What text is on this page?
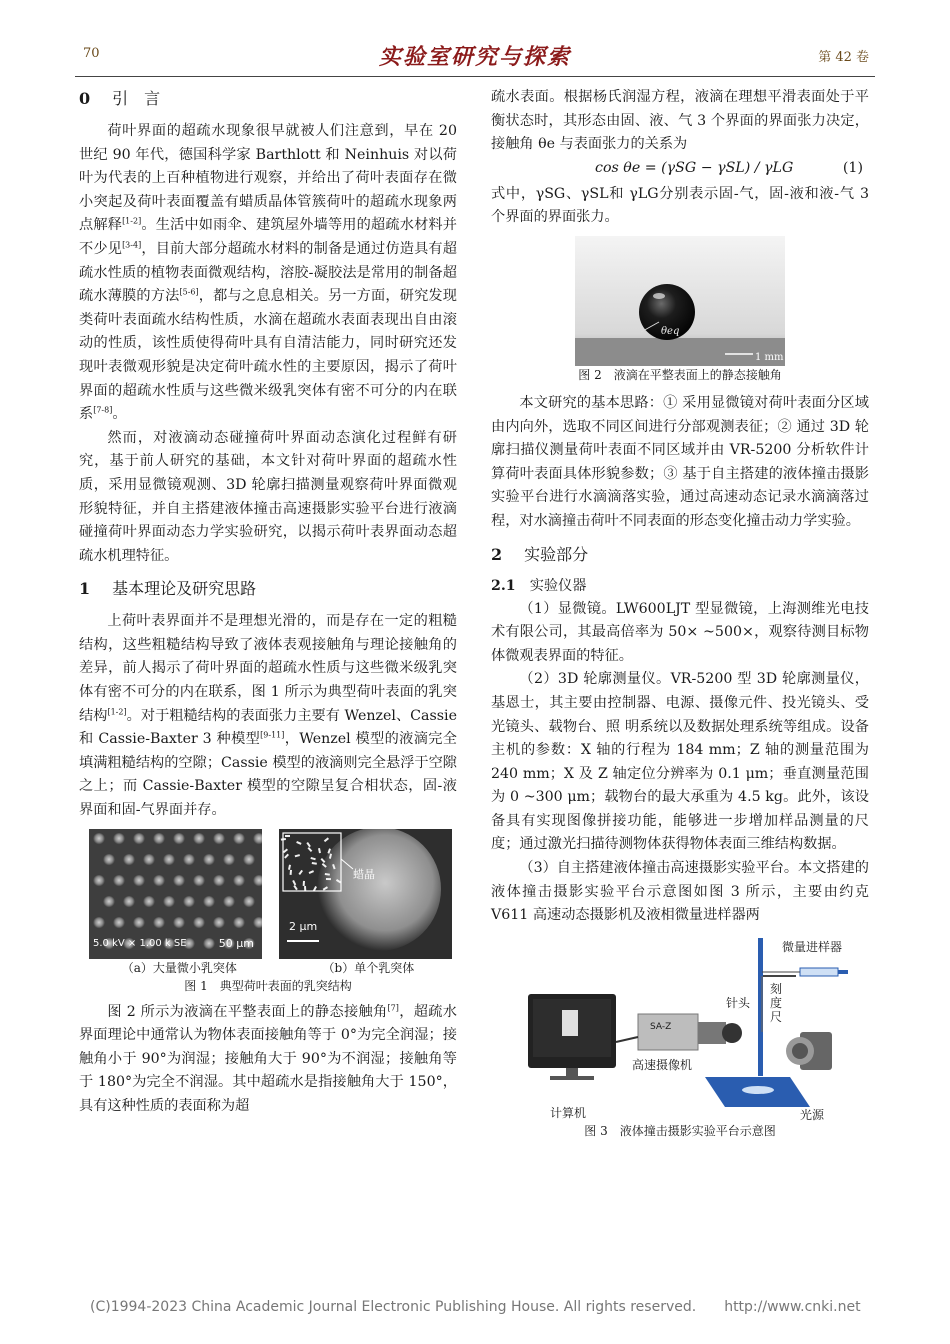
70	实验室研究与探索	第 42 卷
0 引　言

荷叶界面的超疏水现象很早就被人们注意到，早在 20 世纪 90 年代，德国科学家 Barthlott 和 Neinhuis 对以荷叶为代表的上百种植物进行观察，并给出了荷叶表面存在微小突起及荷叶表面覆盖有蜡质晶体管簇荷叶的超疏水现象两点解释[1-2]。生活中如雨伞、建筑屋外墙等用的超疏水材料并不少见[3-4]，目前大部分超疏水材料的制备是通过仿造具有超疏水性质的植物表面微观结构，溶胶-凝胶法是常用的制备超疏水薄膜的方法[5-6]，都与之息息相关。另一方面，研究发现类荷叶表面疏水结构性质，水滴在超疏水表面表现出自由滚动的性质，该性质使得荷叶具有自清洁能力，同时研究还发现叶表微观形貌是决定荷叶疏水性的主要原因，揭示了荷叶界面的超疏水性质与这些微米级乳突体有密不可分的内在联系[7-8]。

然而，对液滴动态碰撞荷叶界面动态演化过程鲜有研究，基于前人研究的基础，本文针对荷叶界面的超疏水性质，采用显微镜观测、3D 轮廓扫描测量观察荷叶界面微观形貌特征，并自主搭建液体撞击高速摄影实验平台进行液滴碰撞荷叶界面动态力学实验研究，以揭示荷叶表界面动态超疏水机理特征。

1 基本理论及研究思路

上荷叶表界面并不是理想光滑的，而是存在一定的粗糙结构，这些粗糙结构导致了液体表观接触角与理论接触角的差异，前人揭示了荷叶界面的超疏水性质与这些微米级乳突体有密不可分的内在联系，图 1 所示为典型荷叶表面的乳突结构[1-2]。对于粗糙结构的表面张力主要有 Wenzel、Cassie 和 Cassie-Baxter 3 种模型[9-11]，Wenzel 模型的液滴完全填满粗糙结构的空隙；Cassie 模型的液滴则完全悬浮于空隙之上；而 Cassie-Baxter 模型的空隙呈复合相状态，固-液界面和固-气界面并存。

5.0 kV × 1.00 k SE	50 μm
蜡晶
2 μm
（a）大量微小乳突体	（b）单个乳突体
图 1　典型荷叶表面的乳突结构

图 2 所示为液滴在平整表面上的静态接触角[7]，超疏水界面理论中通常认为物体表面接触角等于 0°为完全润湿；接触角小于 90°为润湿；接触角大于 90°为不润湿；接触角等于 180°为完全不润湿。其中超疏水是指接触角大于 150°，具有这种性质的表面称为超

疏水表面。根据杨氏润湿方程，液滴在理想平滑表面处于平衡状态时，其形态由固、液、气 3 个界面的界面张力决定，接触角 θe 与表面张力的关系为

cos θe = (γSG − γSL) / γLG	(1)

式中，γSG、γSL和 γLG分别表示固-气，固-液和液-气 3 个界面的界面张力。

θeq
1 mm
图 2　液滴在平整表面上的静态接触角

本文研究的基本思路：① 采用显微镜对荷叶表面分区域由内向外，选取不同区间进行分部观测表征；② 通过 3D 轮廓扫描仪测量荷叶表面不同区域并由 VR-5200 分析软件计算荷叶表面具体形貌参数；③ 基于自主搭建的液体撞击摄影实验平台进行水滴滴落实验，通过高速动态记录水滴滴落过程，对水滴撞击荷叶不同表面的形态变化撞击动力学实验。

2 实验部分
2.1 实验仪器

（1）显微镜。LW600LJT 型显微镜，上海测维光电技术有限公司，其最高倍率为 50× ~500×，观察待测目标物体微观表界面的特征。

（2）3D 轮廓测量仪。VR-5200 型 3D 轮廓测量仪，基恩士，其主要由控制器、电源、摄像元件、投光镜头、受光镜头、载物台、照 明系统以及数据处理系统等组成。设备主机的参数：X 轴的行程为 184 mm；Z 轴的测量范围为 240 mm；X 及 Z 轴定位分辨率为 0.1 μm；垂直测量范围为 0 ~300 μm；载物台的最大承重为 4.5 kg。此外，该设备具有实现图像拼接功能，能够进一步增加样品测量的尺度；通过激光扫描待测物体获得物体表面三维结构数据。

（3）自主搭建液体撞击高速摄影实验平台。本文搭建的液体撞击摄影实验平台示意图如图 3 所示，主要由约克 V611 高速动态摄影机及液相微量进样器两

微量进样器
针头
刻度尺
SA-Z
高速摄像机
计算机	光源
图 3　液体撞击摄影实验平台示意图
(C)1994-2023 China Academic Journal Electronic Publishing House. All rights reserved.　　http://www.cnki.net
